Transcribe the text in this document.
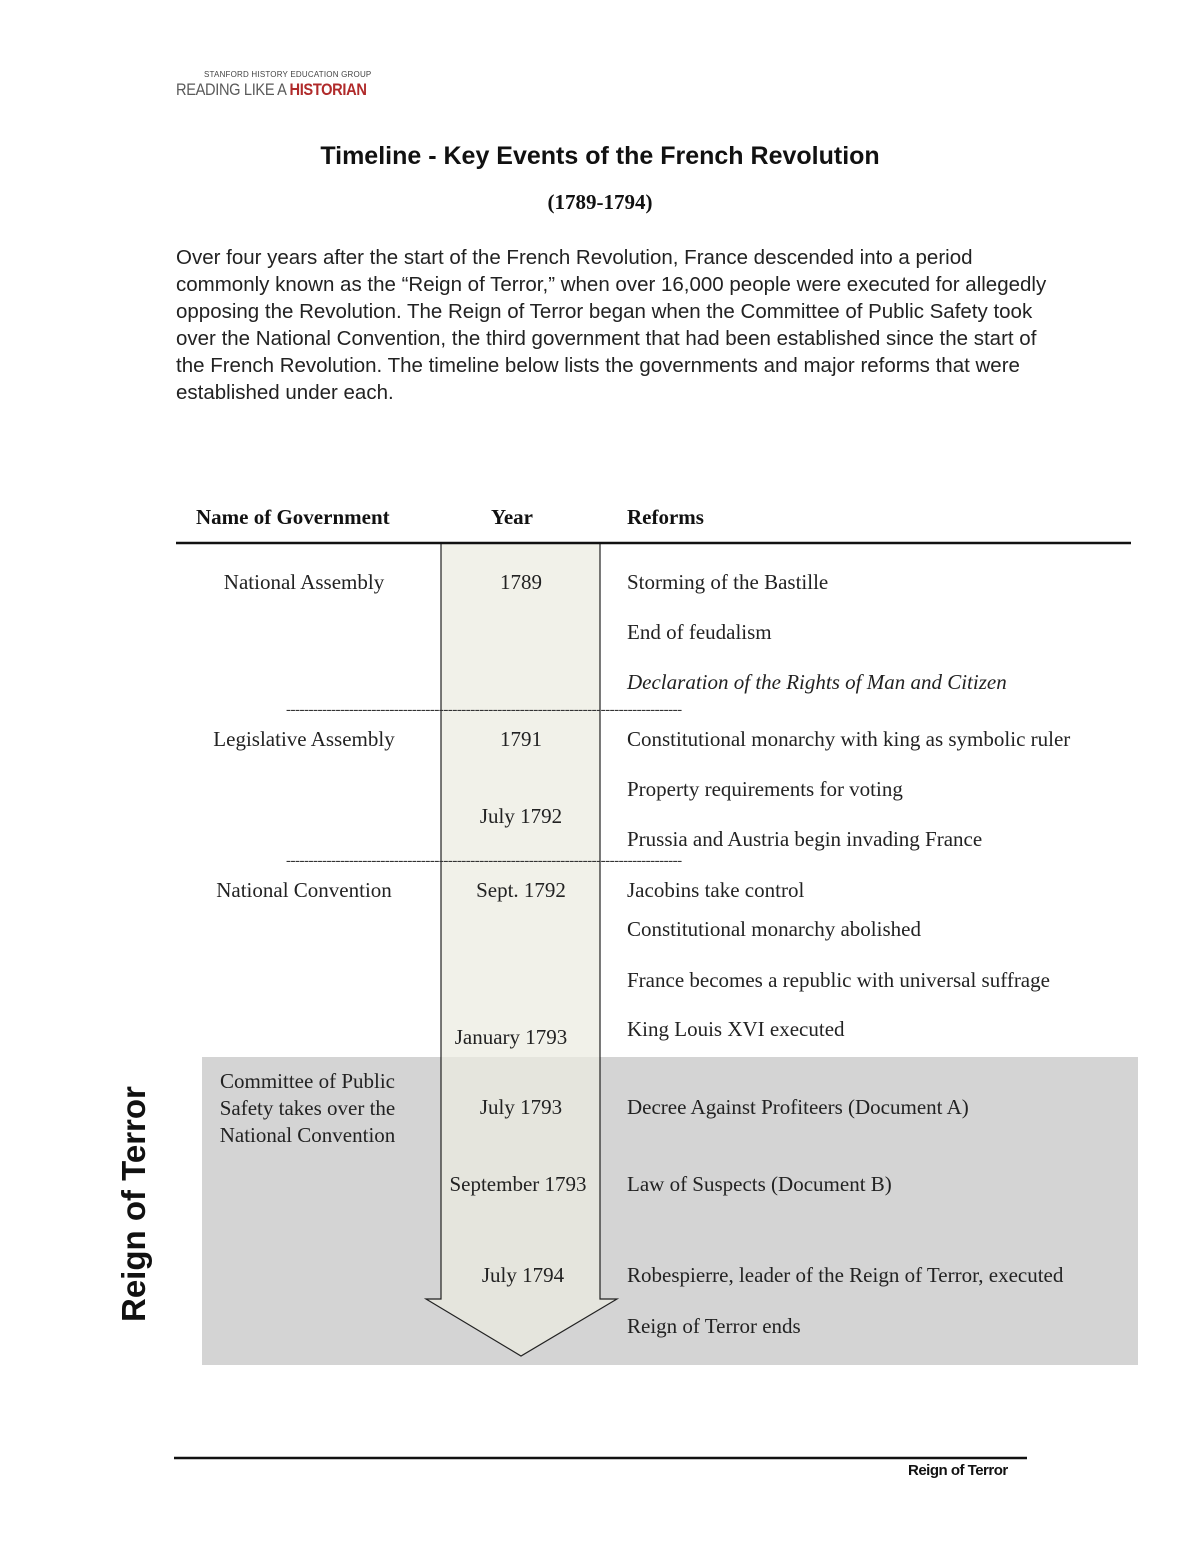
STANFORD HISTORY EDUCATION GROUP
READING LIKE A HISTORIAN
Timeline - Key Events of the French Revolution
(1789-1794)
Over four years after the start of the French Revolution, France descended into a period commonly known as the “Reign of Terror,” when over 16,000 people were executed for allegedly opposing the Revolution. The Reign of Terror began when the Committee of Public Safety took over the National Convention, the third government that had been established since the start of the French Revolution. The timeline below lists the governments and major reforms that were established under each.
Name of Government	Year	Reforms
National Assembly
Legislative Assembly
National Convention
Committee of Public Safety takes over the National Convention
1789
1791
July 1792
Sept. 1792
January 1793
July 1793
September 1793
July 1794
Storming of the Bastille
End of feudalism
Declaration of the Rights of Man and Citizen
Constitutional monarchy with king as symbolic ruler
Property requirements for voting
Prussia and Austria begin invading France
Jacobins take control
Constitutional monarchy abolished
France becomes a republic with universal suffrage
King Louis XVI executed
Decree Against Profiteers (Document A)
Law of Suspects (Document B)
Robespierre, leader of the Reign of Terror, executed
Reign of Terror ends
----------------------------------------------------------------------------------------
----------------------------------------------------------------------------------------
Reign of Terror
Reign of Terror
